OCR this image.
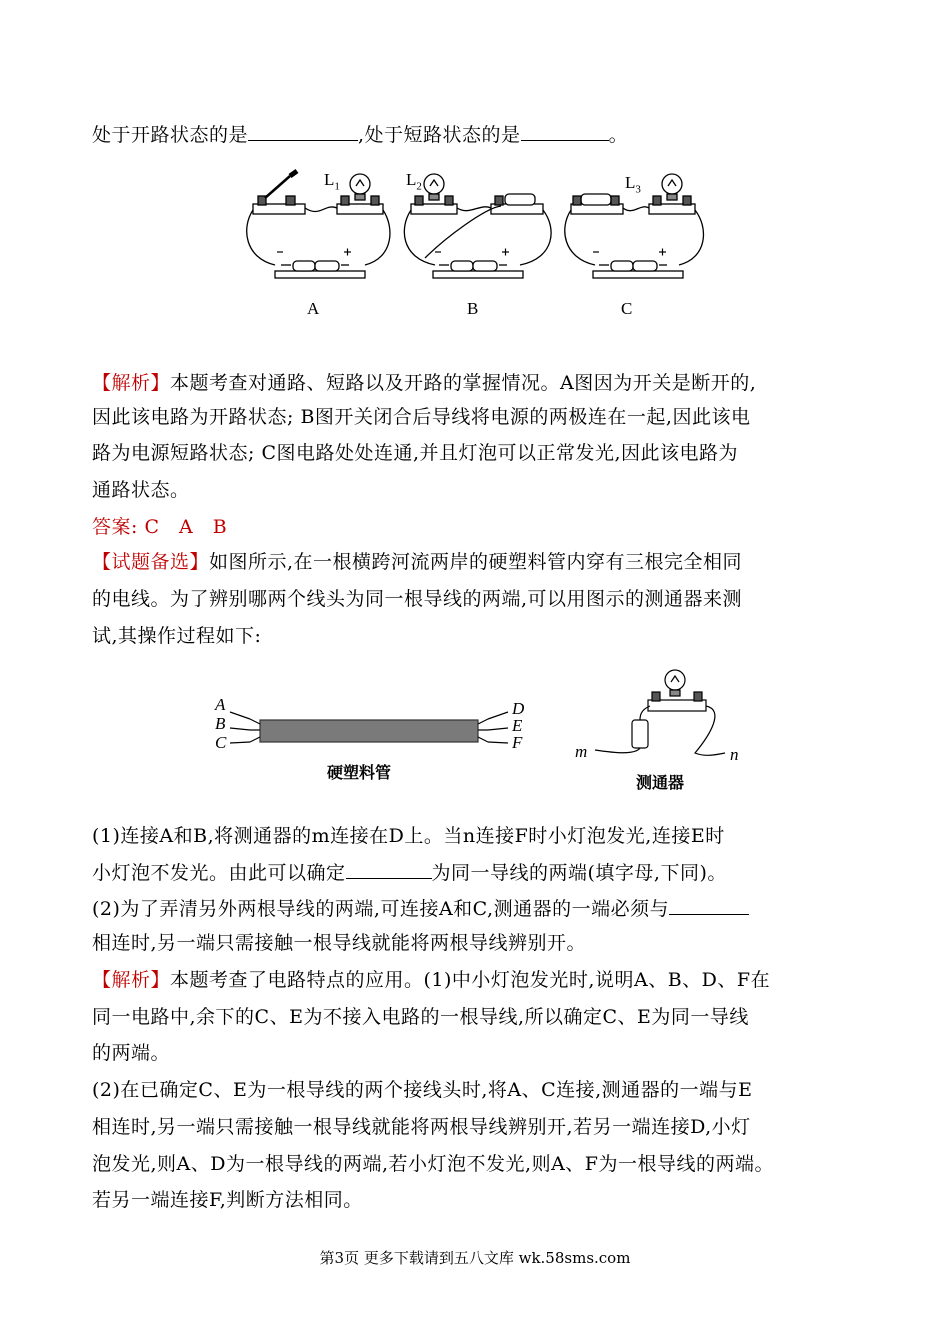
处于开路状态的是	,处于短路状态的是	。
$L_1$	$L_2$	$L_3$
A	B	C
【解析】本题考查对通路、短路以及开路的掌握情况。A图因为开关是断开的,
因此该电路为开路状态; B图开关闭合后导线将电源的两极连在一起,因此该电
路为电源短路状态; C图电路处处连通,并且灯泡可以正常发光,因此该电路为
通路状态。
答案: C　A　B
【试题备选】如图所示,在一根横跨河流两岸的硬塑料管内穿有三根完全相同
的电线。为了辨别哪两个线头为同一根导线的两端,可以用图示的测通器来测
试,其操作过程如下:
A
B
C
D
E
F
硬塑料管
m	n
测通器
(1)连接A和B,将测通器的m连接在D上。当n连接F时小灯泡发光,连接E时
小灯泡不发光。由此可以确定	为同一导线的两端(填字母,下同)。
(2)为了弄清另外两根导线的两端,可连接A和C,测通器的一端必须与
相连时,另一端只需接触一根导线就能将两根导线辨别开。
【解析】本题考查了电路特点的应用。(1)中小灯泡发光时,说明A、B、D、F在
同一电路中,余下的C、E为不接入电路的一根导线,所以确定C、E为同一导线
的两端。
(2)在已确定C、E为一根导线的两个接线头时,将A、C连接,测通器的一端与E
相连时,另一端只需接触一根导线就能将两根导线辨别开,若另一端连接D,小灯
泡发光,则A、D为一根导线的两端,若小灯泡不发光,则A、F为一根导线的两端。
若另一端连接F,判断方法相同。
第3页 更多下载请到五八文库 wk.58sms.com
